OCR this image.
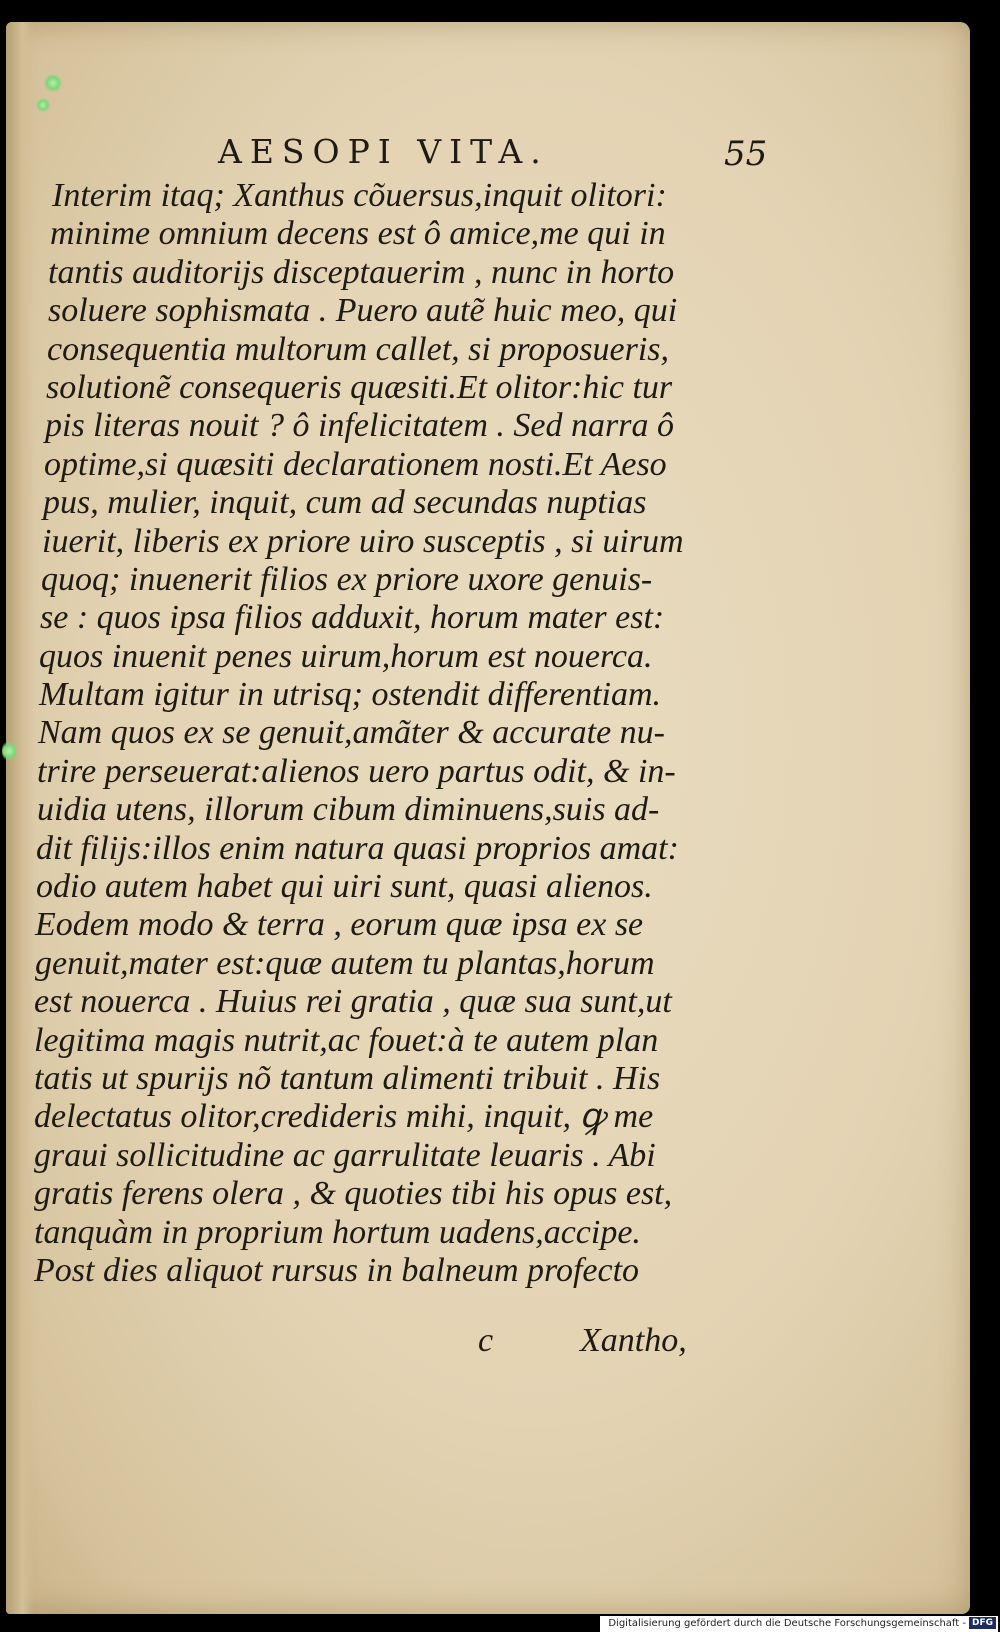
AESOPI VITA.	55
Interim itaq; Xanthus cõuersus,inquit olitori:
minime omnium decens est ô amice,me qui in
tantis auditorijs disceptauerim , nunc in horto
soluere sophismata . Puero autẽ huic meo, qui
consequentia multorum callet, si proposueris,
solutionẽ consequeris quæsiti.Et olitor:hic tur
pis literas nouit ? ô infelicitatem . Sed narra ô
optime,si quæsiti declarationem nosti.Et Aeso
pus, mulier, inquit, cum ad secundas nuptias
iuerit, liberis ex priore uiro susceptis , si uirum
quoq; inuenerit filios ex priore uxore genuis-
se : quos ipsa filios adduxit, horum mater est:
quos inuenit penes uirum,horum est nouerca.
Multam igitur in utrisq; ostendit differentiam.
Nam quos ex se genuit,amãter & accurate nu-
trire perseuerat:alienos uero partus odit, & in-
uidia utens, illorum cibum diminuens,suis ad-
dit filijs:illos enim natura quasi proprios amat:
odio autem habet qui uiri sunt, quasi alienos.
Eodem modo & terra , eorum quæ ipsa ex se
genuit,mater est:quæ autem tu plantas,horum
est nouerca . Huius rei gratia , quæ sua sunt,ut
legitima magis nutrit,ac fouet:à te autem plan
tatis ut spurijs nõ tantum alimenti tribuit . His
delectatus olitor,credideris mihi, inquit, ꝙ me
graui sollicitudine ac garrulitate leuaris . Abi
gratis ferens olera , & quoties tibi his opus est,
tanquàm in proprium hortum uadens,accipe.
Post dies aliquot rursus in balneum profecto
c	Xantho,
Digitalisierung gefördert durch die Deutsche Forschungsgemeinschaft - DFG
